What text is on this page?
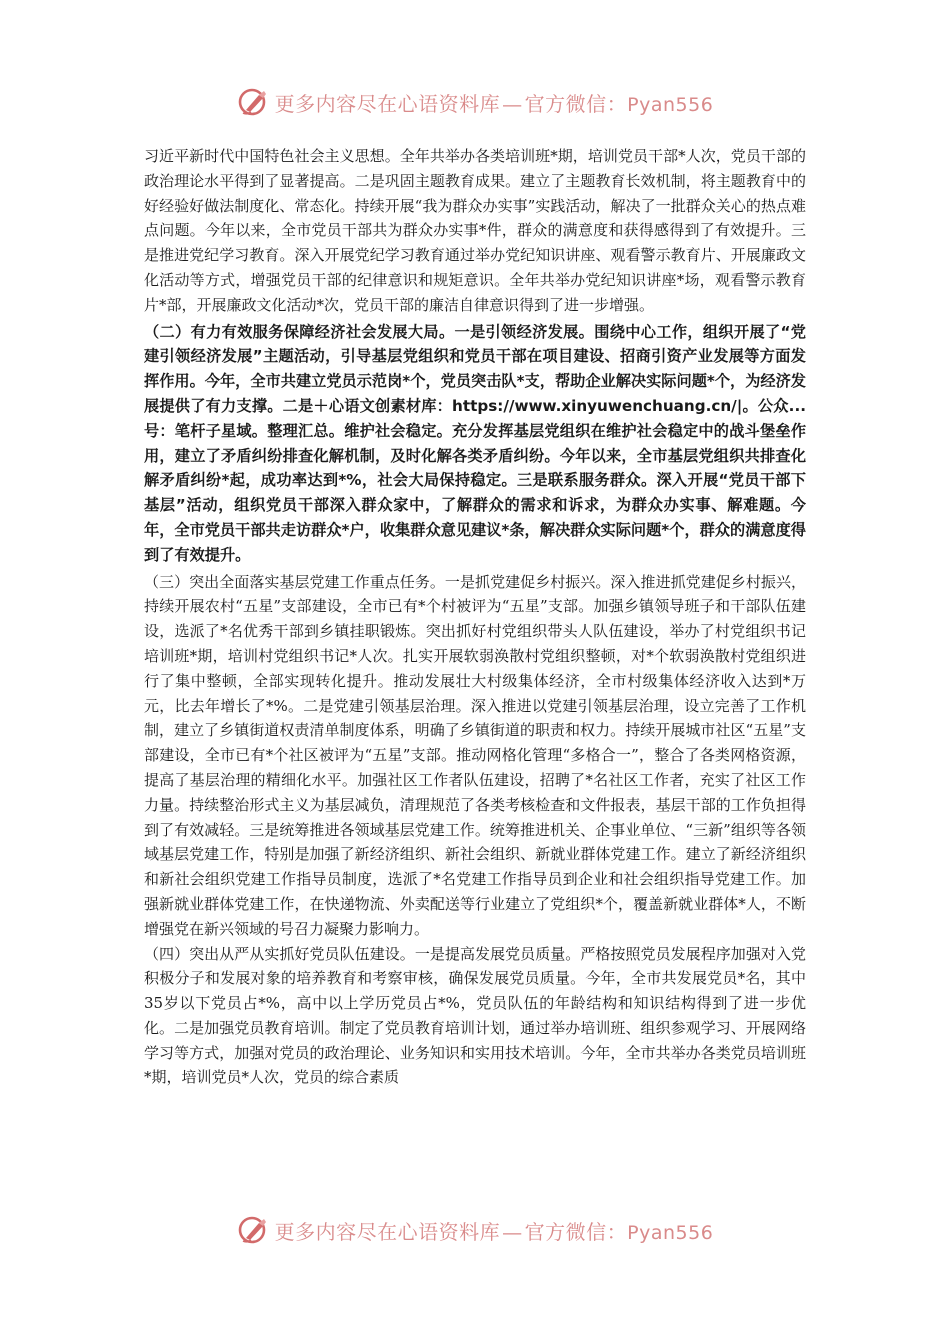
更多内容尽在心语资料库 — 官方微信：Pyan556

习近平新时代中国特色社会主义思想。全年共举办各类培训班*期，培训党员干部*人次，党员干部的政治理论水平得到了显著提高。二是巩固主题教育成果。建立了主题教育长效机制，将主题教育中的好经验好做法制度化、常态化。持续开展“我为群众办实事”实践活动，解决了一批群众关心的热点难点问题。今年以来，全市党员干部共为群众办实事*件，群众的满意度和获得感得到了有效提升。三是推进党纪学习教育。深入开展党纪学习教育通过举办党纪知识讲座、观看警示教育片、开展廉政文化活动等方式，增强党员干部的纪律意识和规矩意识。全年共举办党纪知识讲座*场，观看警示教育片*部，开展廉政文化活动*次，党员干部的廉洁自律意识得到了进一步增强。

（二）有力有效服务保障经济社会发展大局。一是引领经济发展。围绕中心工作，组织开展了“党建引领经济发展”主题活动，引导基层党组织和党员干部在项目建设、招商引资产业发展等方面发挥作用。今年，全市共建立党员示范岗*个，党员突击队*支，帮助企业解决实际问题*个，为经济发展提供了有力支撑。二是＋心语文创素材库：https://www.xinyuwenchuang.cn/|。公众...号：笔杆子星域。整理汇总。维护社会稳定。充分发挥基层党组织在维护社会稳定中的战斗堡垒作用，建立了矛盾纠纷排查化解机制，及时化解各类矛盾纠纷。今年以来，全市基层党组织共排查化解矛盾纠纷*起，成功率达到*%，社会大局保持稳定。三是联系服务群众。深入开展“党员干部下基层”活动，组织党员干部深入群众家中，了解群众的需求和诉求，为群众办实事、解难题。今年，全市党员干部共走访群众*户，收集群众意见建议*条，解决群众实际问题*个，群众的满意度得到了有效提升。

（三）突出全面落实基层党建工作重点任务。一是抓党建促乡村振兴。深入推进抓党建促乡村振兴，持续开展农村“五星”支部建设，全市已有*个村被评为“五星”支部。加强乡镇领导班子和干部队伍建设，选派了*名优秀干部到乡镇挂职锻炼。突出抓好村党组织带头人队伍建设，举办了村党组织书记培训班*期，培训村党组织书记*人次。扎实开展软弱涣散村党组织整顿，对*个软弱涣散村党组织进行了集中整顿，全部实现转化提升。推动发展壮大村级集体经济，全市村级集体经济收入达到*万元，比去年增长了*%。二是党建引领基层治理。深入推进以党建引领基层治理，设立完善了工作机制，建立了乡镇街道权责清单制度体系，明确了乡镇街道的职责和权力。持续开展城市社区“五星”支部建设，全市已有*个社区被评为“五星”支部。推动网格化管理“多格合一”，整合了各类网格资源，提高了基层治理的精细化水平。加强社区工作者队伍建设，招聘了*名社区工作者，充实了社区工作力量。持续整治形式主义为基层减负，清理规范了各类考核检查和文件报表，基层干部的工作负担得到了有效减轻。三是统筹推进各领域基层党建工作。统筹推进机关、企事业单位、“三新”组织等各领域基层党建工作，特别是加强了新经济组织、新社会组织、新就业群体党建工作。建立了新经济组织和新社会组织党建工作指导员制度，选派了*名党建工作指导员到企业和社会组织指导党建工作。加强新就业群体党建工作，在快递物流、外卖配送等行业建立了党组织*个，覆盖新就业群体*人，不断增强党在新兴领域的号召力凝聚力影响力。

（四）突出从严从实抓好党员队伍建设。一是提高发展党员质量。严格按照党员发展程序加强对入党积极分子和发展对象的培养教育和考察审核，确保发展党员质量。今年，全市共发展党员*名，其中35岁以下党员占*%，高中以上学历党员占*%，党员队伍的年龄结构和知识结构得到了进一步优化。二是加强党员教育培训。制定了党员教育培训计划，通过举办培训班、组织参观学习、开展网络学习等方式，加强对党员的政治理论、业务知识和实用技术培训。今年，全市共举办各类党员培训班*期，培训党员*人次，党员的综合素质

更多内容尽在心语资料库 — 官方微信：Pyan556
